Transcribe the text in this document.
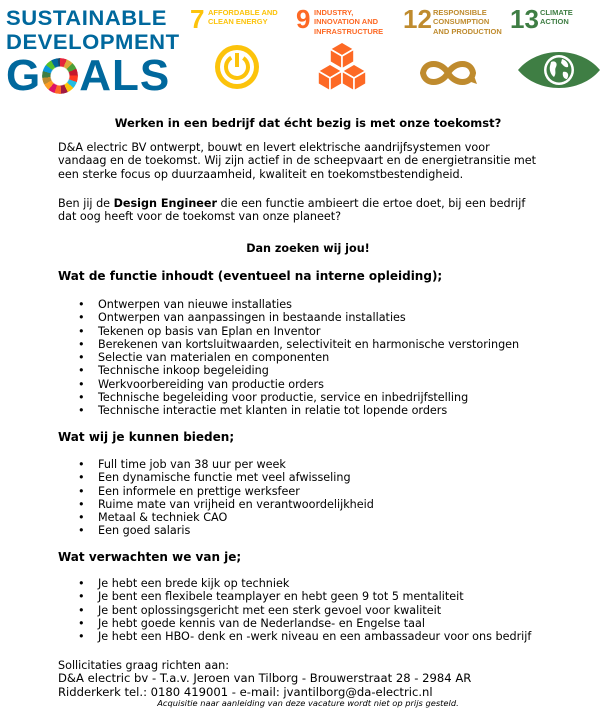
SUSTAINABLE
DEVELOPMENT
G ALS
7 AFFORDABLE AND CLEAN ENERGY	9 INDUSTRY, INNOVATION AND INFRASTRUCTURE 12 RESPONSIBLE CONSUMPTION AND PRODUCTION 13 CLIMATE ACTION
Werken in een bedrijf dat écht bezig is met onze toekomst?
D&A electric BV ontwerpt, bouwt en levert elektrische aandrijfsystemen voor vandaag en de toekomst. Wij zijn actief in de scheepvaart en de energietransitie met een sterke focus op duurzaamheid, kwaliteit en toekomstbestendigheid.
Ben jij de Design Engineer die een functie ambieert die ertoe doet, bij een bedrijf dat oog heeft voor de toekomst van onze planeet?
Dan zoeken wij jou!
Wat de functie inhoudt (eventueel na interne opleiding);
• Ontwerpen van nieuwe installaties
• Ontwerpen van aanpassingen in bestaande installaties
• Tekenen op basis van Eplan en Inventor
• Berekenen van kortsluitwaarden, selectiviteit en harmonische verstoringen
• Selectie van materialen en componenten
• Technische inkoop begeleiding
• Werkvoorbereiding van productie orders
• Technische begeleiding voor productie, service en inbedrijfstelling
• Technische interactie met klanten in relatie tot lopende orders
Wat wij je kunnen bieden;
• Full time job van 38 uur per week
• Een dynamische functie met veel afwisseling
• Een informele en prettige werksfeer
• Ruime mate van vrijheid en verantwoordelijkheid
• Metaal & techniek CAO
• Een goed salaris
Wat verwachten we van je;
• Je hebt een brede kijk op techniek
• Je bent een flexibele teamplayer en hebt geen 9 tot 5 mentaliteit
• Je bent oplossingsgericht met een sterk gevoel voor kwaliteit
• Je hebt goede kennis van de Nederlandse- en Engelse taal
• Je hebt een HBO- denk en -werk niveau en een ambassadeur voor ons bedrijf
Sollicitaties graag richten aan:
D&A electric bv - T.a.v. Jeroen van Tilborg - Brouwerstraat 28 - 2984 AR
Ridderkerk tel.: 0180 419001 - e-mail: jvantilborg@da-electric.nl
Acquisitie naar aanleiding van deze vacature wordt niet op prijs gesteld.
